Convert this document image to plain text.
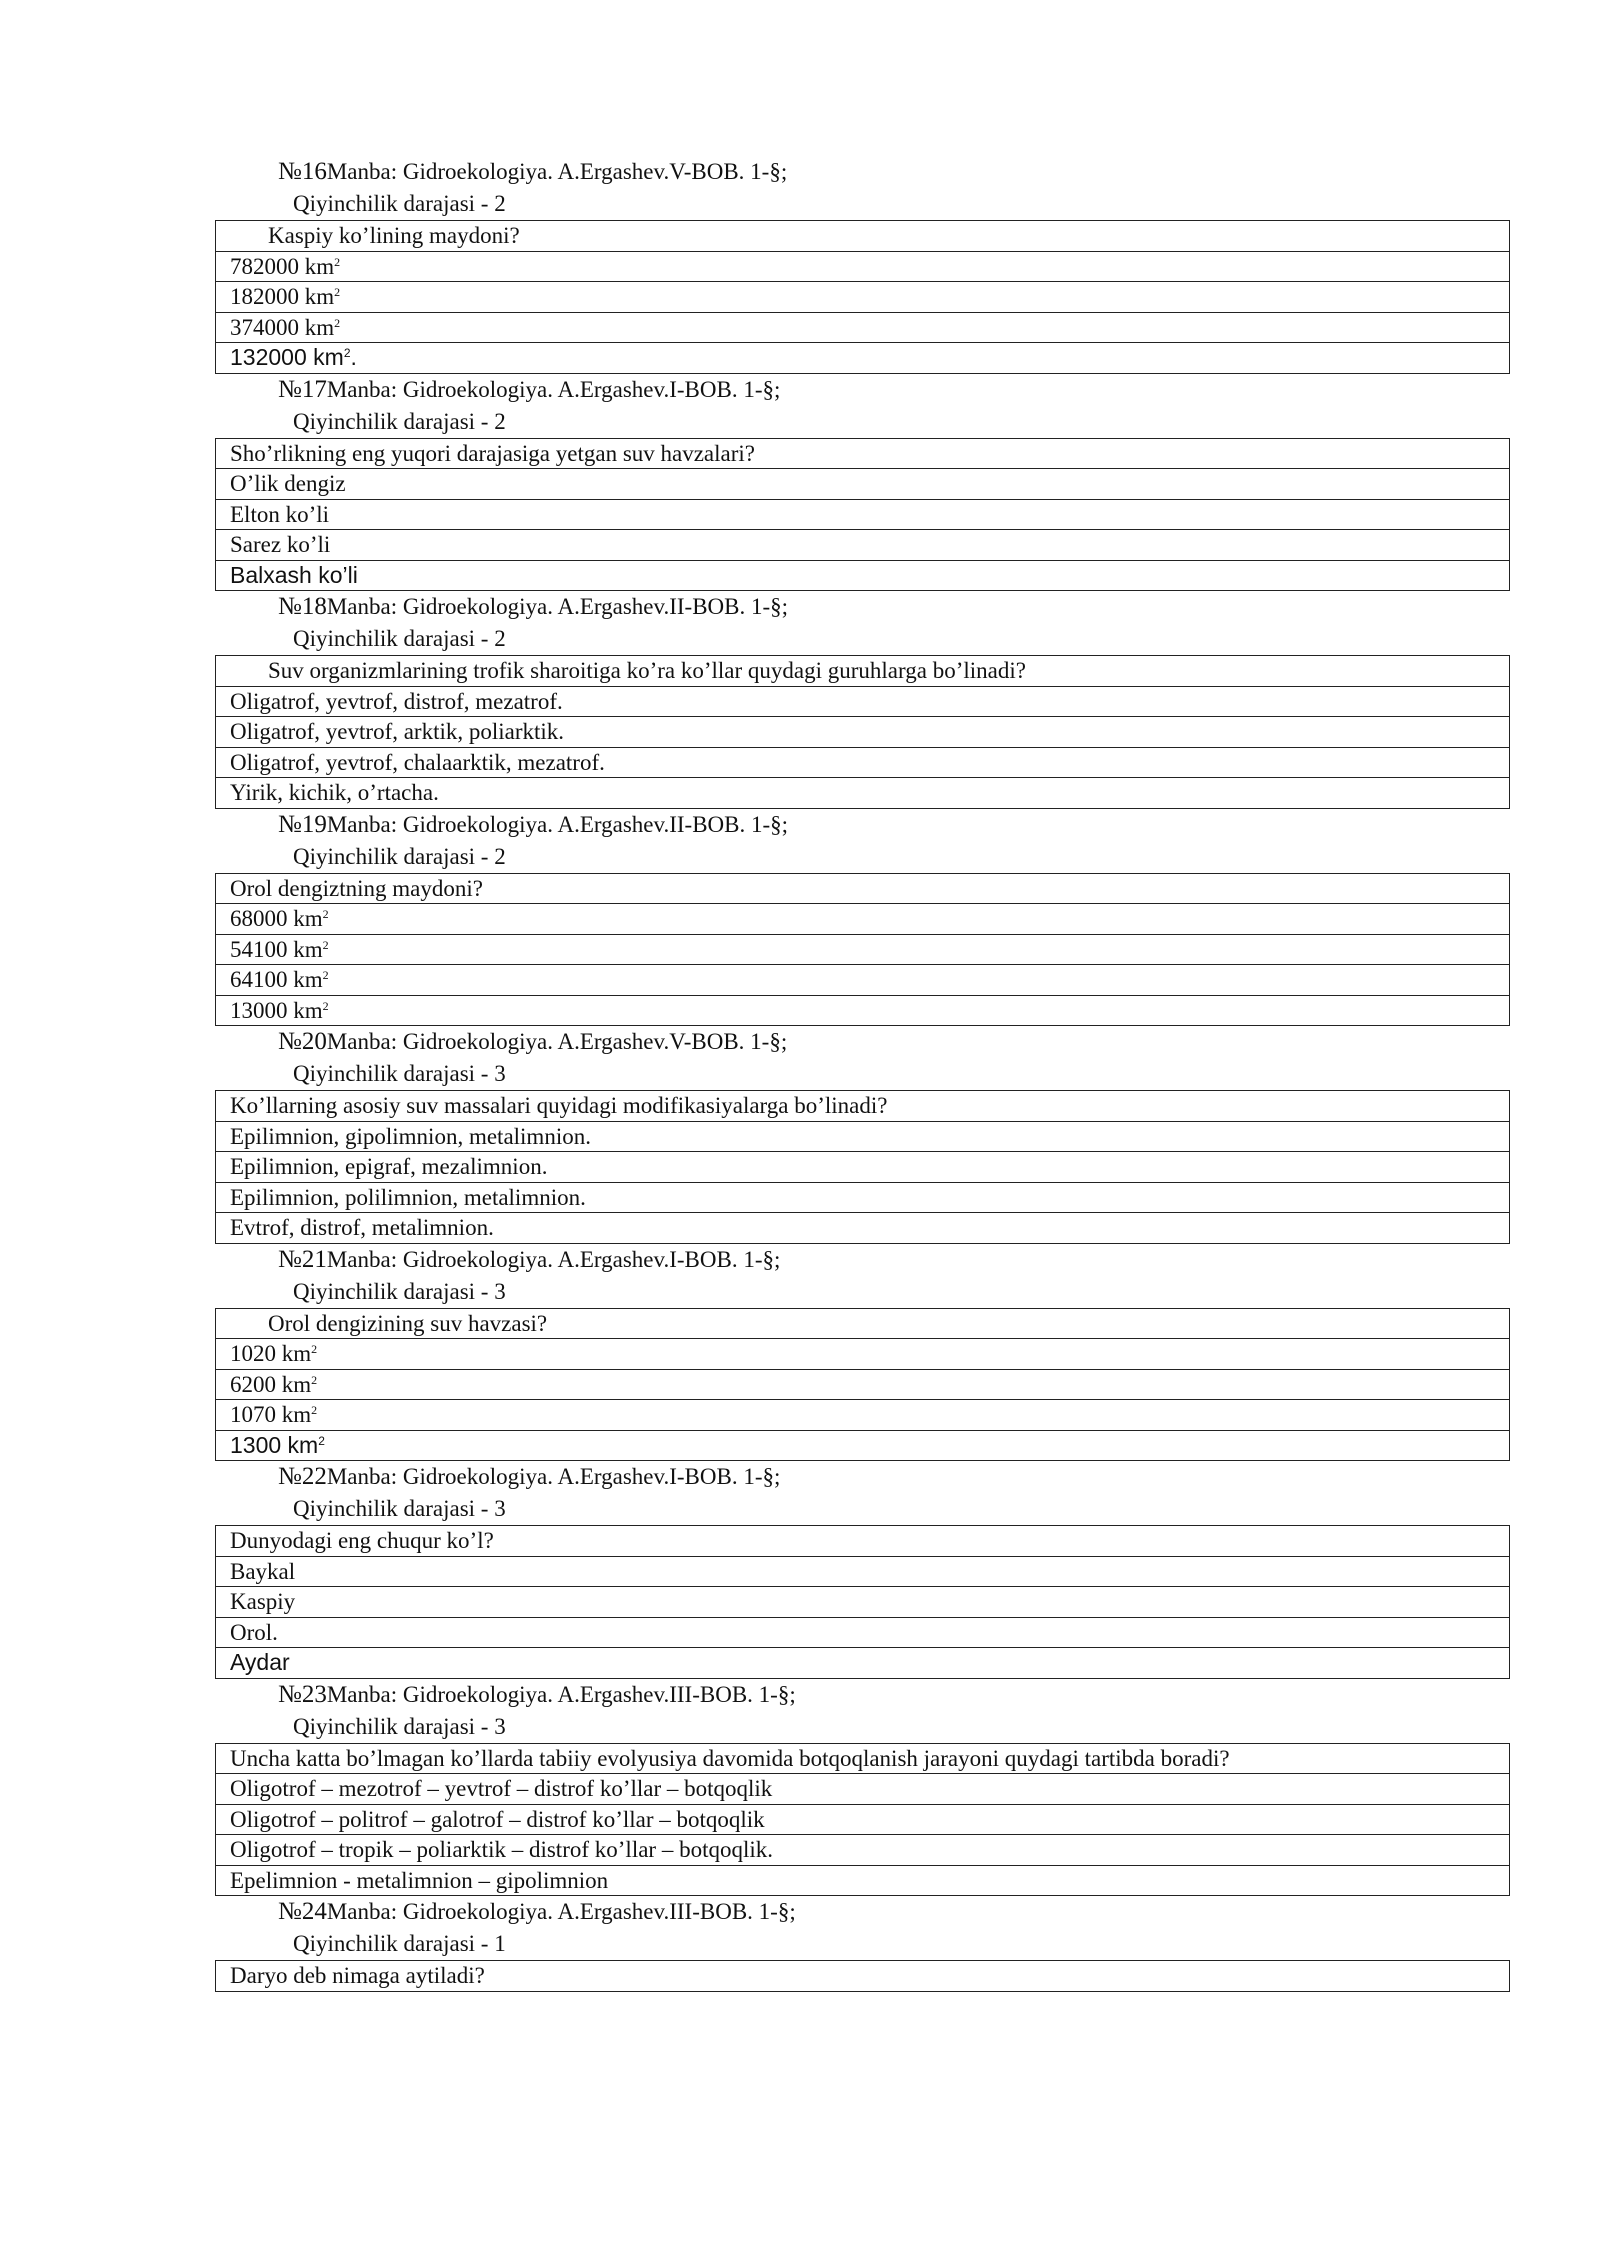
№16Manba: Gidroekologiya. A.Ergashev.V-BOB. 1-§;
Qiyinchilik darajasi - 2
Kaspiy ko’lining maydoni?
782000 $km^2$
182000 $km^2$
374000 $km^2$
132000 $km^2$.
№17Manba: Gidroekologiya. A.Ergashev.I-BOB. 1-§;
Qiyinchilik darajasi - 2
Sho’rlikning eng yuqori darajasiga yetgan suv havzalari?
O’lik dengiz
Elton ko’li
Sarez ko’li
Balxash ko’li
№18Manba: Gidroekologiya. A.Ergashev.II-BOB. 1-§;
Qiyinchilik darajasi - 2
Suv organizmlarining trofik sharoitiga ko’ra ko’llar quydagi guruhlarga bo’linadi?
Oligatrof, yevtrof, distrof, mezatrof.
Oligatrof, yevtrof, arktik, poliarktik.
Oligatrof, yevtrof, chalaarktik, mezatrof.
Yirik, kichik, o’rtacha.
№19Manba: Gidroekologiya. A.Ergashev.II-BOB. 1-§;
Qiyinchilik darajasi - 2
Orol dengiztning maydoni?
68000 $km^2$
54100 $km^2$
64100 $km^2$
13000 $km^2$
№20Manba: Gidroekologiya. A.Ergashev.V-BOB. 1-§;
Qiyinchilik darajasi - 3
Ko’llarning asosiy suv massalari quyidagi modifikasiyalarga bo’linadi?
Epilimnion, gipolimnion, metalimnion.
Epilimnion, epigraf, mezalimnion.
Epilimnion, polilimnion, metalimnion.
Evtrof, distrof, metalimnion.
№21Manba: Gidroekologiya. A.Ergashev.I-BOB. 1-§;
Qiyinchilik darajasi - 3
Orol dengizining suv havzasi?
1020 $km^2$
6200 $km^2$
1070 $km^2$
1300 $km^2$
№22Manba: Gidroekologiya. A.Ergashev.I-BOB. 1-§;
Qiyinchilik darajasi - 3
Dunyodagi eng chuqur ko’l?
Baykal
Kaspiy
Orol.
Aydar
№23Manba: Gidroekologiya. A.Ergashev.III-BOB. 1-§;
Qiyinchilik darajasi - 3
Uncha katta bo’lmagan ko’llarda tabiiy evolyusiya davomida botqoqlanish jarayoni quydagi tartibda boradi?
Oligotrof – mezotrof – yevtrof – distrof ko’llar – botqoqlik
Oligotrof – politrof – galotrof – distrof ko’llar – botqoqlik
Oligotrof – tropik – poliarktik – distrof ko’llar – botqoqlik.
Epelimnion - metalimnion – gipolimnion
№24Manba: Gidroekologiya. A.Ergashev.III-BOB. 1-§;
Qiyinchilik darajasi - 1
Daryo deb nimaga aytiladi?
